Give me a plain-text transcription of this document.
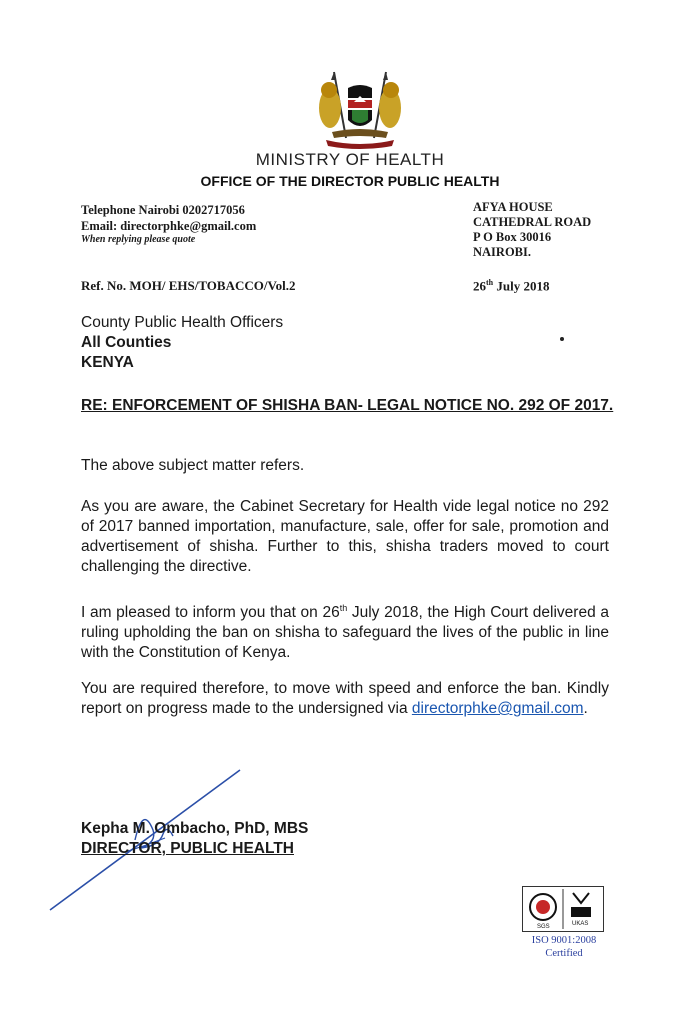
MINISTRY OF HEALTH
OFFICE OF THE DIRECTOR PUBLIC HEALTH
Telephone Nairobi 0202717056
Email: directorphke@gmail.com
When replying please quote
AFYA HOUSE
CATHEDRAL ROAD
P O Box 30016
NAIROBI.
Ref. No. MOH/ EHS/TOBACCO/Vol.2	26th July 2018
County Public Health Officers
All Counties
KENYA
RE: ENFORCEMENT OF SHISHA BAN- LEGAL NOTICE NO. 292 OF 2017.
The above subject matter refers.
As you are aware, the Cabinet Secretary for Health vide legal notice no 292 of 2017 banned importation, manufacture, sale, offer for sale, promotion and advertisement of shisha. Further to this, shisha traders moved to court challenging the directive.
I am pleased to inform you that on 26th July 2018, the High Court delivered a ruling upholding the ban on shisha to safeguard the lives of the public in line with the Constitution of Kenya.
You are required therefore, to move with speed and enforce the ban. Kindly report on progress made to the undersigned via directorphke@gmail.com.
Kepha M. Ombacho, PhD, MBS
DIRECTOR, PUBLIC HEALTH
SGS	UKAS
ISO 9001:2008
Certified
